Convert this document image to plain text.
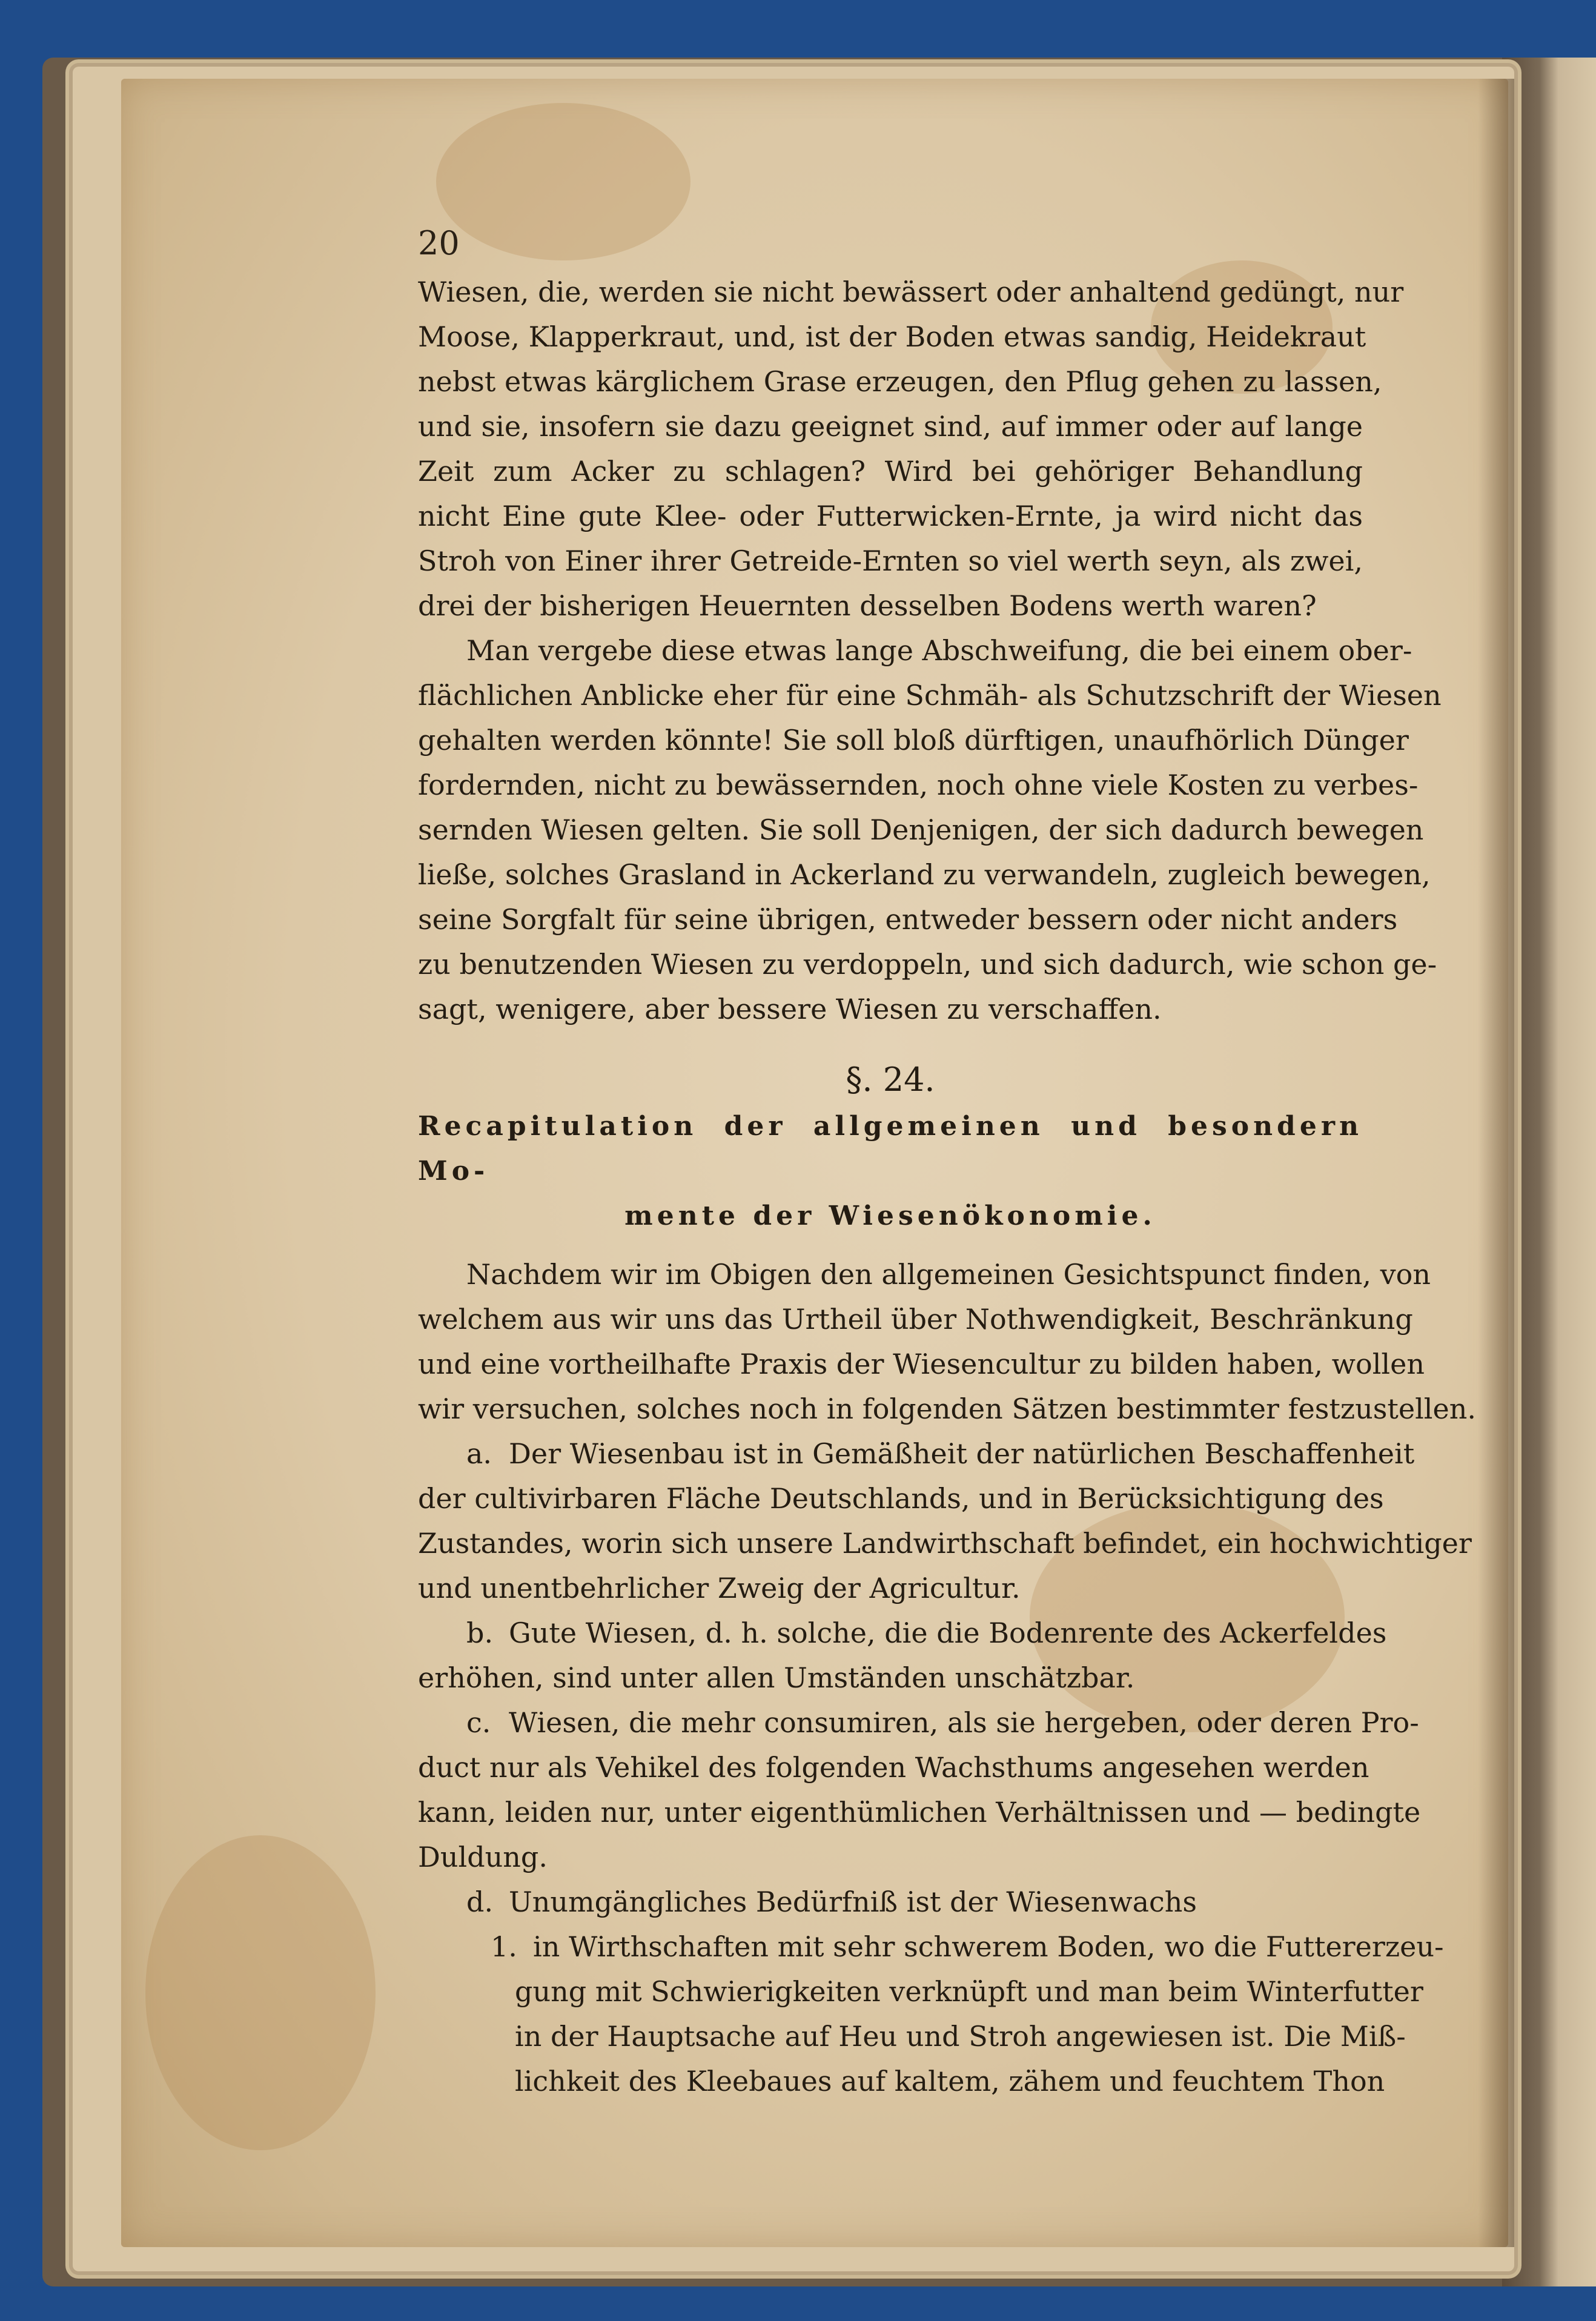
20
Wiesen, die, werden sie nicht bewässert oder anhaltend gedüngt, nur
Moose, Klapperkraut, und, ist der Boden etwas sandig, Heidekraut
nebst etwas kärglichem Grase erzeugen, den Pflug gehen zu lassen,
und sie, insofern sie dazu geeignet sind, auf immer oder auf lange
Zeit zum Acker zu schlagen? Wird bei gehöriger Behandlung
nicht Eine gute Klee- oder Futterwicken-Ernte, ja wird nicht das
Stroh von Einer ihrer Getreide-Ernten so viel werth seyn, als zwei,
drei der bisherigen Heuernten desselben Bodens werth waren?
Man vergebe diese etwas lange Abschweifung, die bei einem ober-
flächlichen Anblicke eher für eine Schmäh- als Schutzschrift der Wiesen
gehalten werden könnte! Sie soll bloß dürftigen, unaufhörlich Dünger
fordernden, nicht zu bewässernden, noch ohne viele Kosten zu verbes-
sernden Wiesen gelten. Sie soll Denjenigen, der sich dadurch bewegen
ließe, solches Grasland in Ackerland zu verwandeln, zugleich bewegen,
seine Sorgfalt für seine übrigen, entweder bessern oder nicht anders
zu benutzenden Wiesen zu verdoppeln, und sich dadurch, wie schon ge-
sagt, wenigere, aber bessere Wiesen zu verschaffen.
§. 24.
Recapitulation der allgemeinen und besondern Mo-
mente der Wiesenökonomie.
Nachdem wir im Obigen den allgemeinen Gesichtspunct finden, von
welchem aus wir uns das Urtheil über Nothwendigkeit, Beschränkung
und eine vortheilhafte Praxis der Wiesencultur zu bilden haben, wollen
wir versuchen, solches noch in folgenden Sätzen bestimmter festzustellen.
a. Der Wiesenbau ist in Gemäßheit der natürlichen Beschaffenheit
der cultivirbaren Fläche Deutschlands, und in Berücksichtigung des
Zustandes, worin sich unsere Landwirthschaft befindet, ein hochwichtiger
und unentbehrlicher Zweig der Agricultur.
b. Gute Wiesen, d. h. solche, die die Bodenrente des Ackerfeldes
erhöhen, sind unter allen Umständen unschätzbar.
c. Wiesen, die mehr consumiren, als sie hergeben, oder deren Pro-
duct nur als Vehikel des folgenden Wachsthums angesehen werden
kann, leiden nur, unter eigenthümlichen Verhältnissen und — bedingte
Duldung.
d. Unumgängliches Bedürfniß ist der Wiesenwachs
1. in Wirthschaften mit sehr schwerem Boden, wo die Futtererzeu-
gung mit Schwierigkeiten verknüpft und man beim Winterfutter
in der Hauptsache auf Heu und Stroh angewiesen ist. Die Miß-
lichkeit des Kleebaues auf kaltem, zähem und feuchtem Thon
